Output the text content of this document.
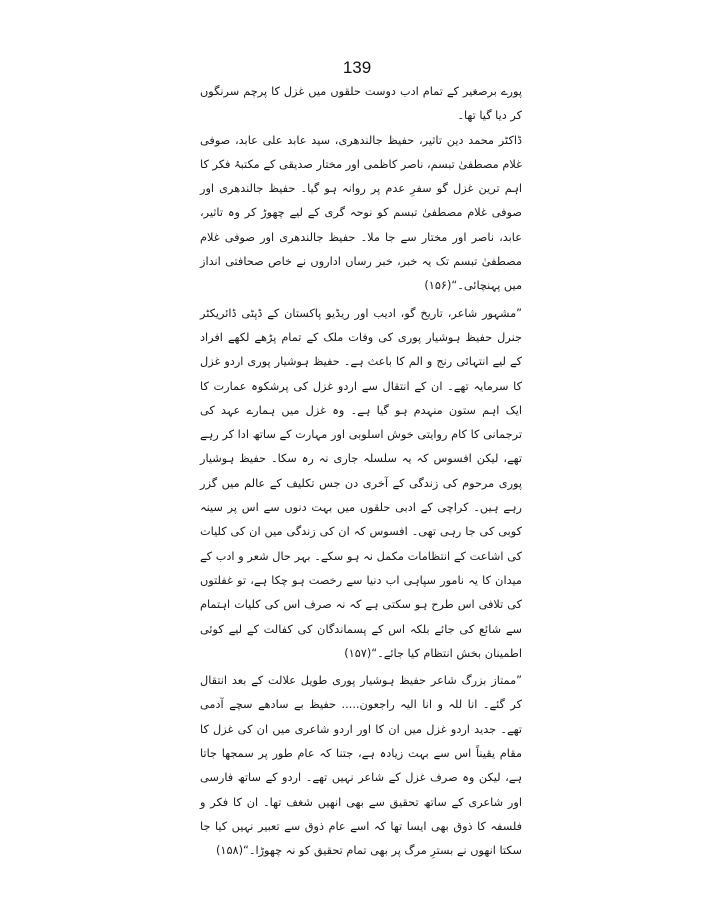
139

پورے برصغیر کے تمام ادب دوست حلقوں میں غزل کا پرچم سرنگوں کر دیا گیا تھا۔

ڈاکٹر محمد دین تاثیر، حفیظ جالندھری، سید عابد علی عابد، صوفی غلام مصطفیٰ تبسم، ناصر کاظمی اور مختار صدیقی کے مکتبۂ فکر کا اہم ترین غزل گو سفرِ عدم پر روانہ ہو گیا۔ حفیظ جالندھری اور صوفی غلام مصطفیٰ تبسم کو نوحہ گری کے لیے چھوڑ کر وہ تاثیر، عابد، ناصر اور مختار سے جا ملا۔ حفیظ جالندھری اور صوفی غلام مصطفیٰ تبسم تک یہ خبر، خبر رساں اداروں نے خاص صحافتی انداز میں پہنچائی۔“(۱۵۶)

”مشہور شاعر، تاریخ گو، ادیب اور ریڈیو پاکستان کے ڈپٹی ڈائریکٹر جنرل حفیظ ہوشیار پوری کی وفات ملک کے تمام پڑھے لکھے افراد کے لیے انتہائی رنج و الم کا باعث ہے۔ حفیظ ہوشیار پوری اردو غزل کا سرمایہ تھے۔ ان کے انتقال سے اردو غزل کی پرشکوہ عمارت کا ایک اہم ستون منہدم ہو گیا ہے۔ وہ غزل میں ہمارے عہد کی ترجمانی کا کام روایتی خوش اسلوبی اور مہارت کے ساتھ ادا کر رہے تھے، لیکن افسوس کہ یہ سلسلہ جاری نہ رہ سکا۔ حفیظ ہوشیار پوری مرحوم کی زندگی کے آخری دن جس تکلیف کے عالم میں گزر رہے ہیں۔ کراچی کے ادبی حلقوں میں بہت دنوں سے اس پر سینہ کوبی کی جا رہی تھی۔ افسوس کہ ان کی زندگی میں ان کی کلیات کی اشاعت کے انتظامات مکمل نہ ہو سکے۔ بہر حال شعر و ادب کے میدان کا یہ نامور سپاہی اب دنیا سے رخصت ہو چکا ہے، تو غفلتوں کی تلافی اس طرح ہو سکتی ہے کہ نہ صرف اس کی کلیات اہتمام سے شائع کی جائے بلکہ اس کے پسماندگان کی کفالت کے لیے کوئی اطمینان بخش انتظام کیا جائے۔“(۱۵۷)

”ممتاز بزرگ شاعر حفیظ ہوشیار پوری طویل علالت کے بعد انتقال کر گئے۔ انا للہ و انا الیہ راجعون..... حفیظ بے سادھے سچے آدمی تھے۔ جدید اردو غزل میں ان کا اور اردو شاعری میں ان کی غزل کا مقام یقیناً اس سے بہت زیادہ ہے، جتنا کہ عام طور پر سمجھا جاتا ہے، لیکن وہ صرف غزل کے شاعر نہیں تھے۔ اردو کے ساتھ فارسی اور شاعری کے ساتھ تحقیق سے بھی انھیں شغف تھا۔ ان کا فکر و فلسفہ کا ذوق بھی ایسا تھا کہ اسے عام ذوق سے تعبیر نہیں کیا جا سکتا انھوں نے بسترِ مرگ پر بھی تمام تحقیق کو نہ چھوڑا۔“(۱۵۸)
